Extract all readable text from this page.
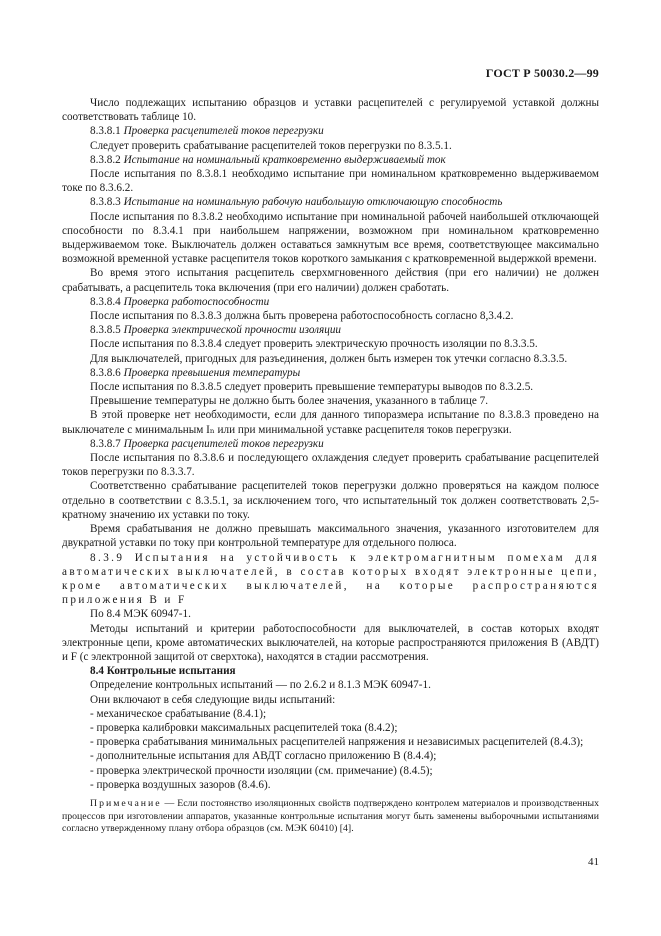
ГОСТ Р 50030.2—99

Число подлежащих испытанию образцов и уставки расцепителей с регулируемой уставкой должны соответствовать таблице 10.

8.3.8.1 Проверка расцепителей токов перегрузки

Следует проверить срабатывание расцепителей токов перегрузки по 8.3.5.1.

8.3.8.2 Испытание на номинальный кратковременно выдерживаемый ток

После испытания по 8.3.8.1 необходимо испытание при номинальном кратковременно выдерживаемом токе по 8.3.6.2.

8.3.8.3 Испытание на номинальную рабочую наибольшую отключающую способность

После испытания по 8.3.8.2 необходимо испытание при номинальной рабочей наибольшей отключающей способности по 8.3.4.1 при наибольшем напряжении, возможном при номинальном кратковременно выдерживаемом токе. Выключатель должен оставаться замкнутым все время, соответствующее максимально возможной временной уставке расцепителя токов короткого замыкания с кратковременной выдержкой времени.

Во время этого испытания расцепитель сверхмгновенного действия (при его наличии) не должен срабатывать, а расцепитель тока включения (при его наличии) должен сработать.

8.3.8.4 Проверка работоспособности

После испытания по 8.3.8.3 должна быть проверена работоспособность согласно 8,3.4.2.

8.3.8.5 Проверка электрической прочности изоляции

После испытания по 8.3.8.4 следует проверить электрическую прочность изоляции по 8.3.3.5.

Для выключателей, пригодных для разъединения, должен быть измерен ток утечки согласно 8.3.3.5.

8.3.8.6 Проверка превышения температуры

После испытания по 8.3.8.5 следует проверить превышение температуры выводов по 8.3.2.5.

Превышение температуры не должно быть более значения, указанного в таблице 7.

В этой проверке нет необходимости, если для данного типоразмера испытание по 8.3.8.3 проведено на выключателе с минимальным Iₙ или при минимальной уставке расцепителя токов перегрузки.

8.3.8.7 Проверка расцепителей токов перегрузки

После испытания по 8.3.8.6 и последующего охлаждения следует проверить срабатывание расцепителей токов перегрузки по 8.3.3.7.

Соответственно срабатывание расцепителей токов перегрузки должно проверяться на каждом полюсе отдельно в соответствии с 8.3.5.1, за исключением того, что испытательный ток должен соответствовать 2,5-кратному значению их уставки по току.

Время срабатывания не должно превышать максимального значения, указанного изготовителем для двукратной уставки по току при контрольной температуре для отдельного полюса.

8.3.9 Испытания на устойчивость к электромагнитным помехам для автоматических выключателей, в состав которых входят электронные цепи, кроме автоматических выключателей, на которые распространяются приложения B и F

По 8.4 МЭК 60947-1.

Методы испытаний и критерии работоспособности для выключателей, в состав которых входят электронные цепи, кроме автоматических выключателей, на которые распространяются приложения B (АВДТ) и F (с электронной защитой от сверхтока), находятся в стадии рассмотрения.

8.4 Контрольные испытания

Определение контрольных испытаний — по 2.6.2 и 8.1.3 МЭК 60947-1.

Они включают в себя следующие виды испытаний:

- механическое срабатывание (8.4.1);

- проверка калибровки максимальных расцепителей тока (8.4.2);

- проверка срабатывания минимальных расцепителей напряжения и независимых расцепителей (8.4.3);

- дополнительные испытания для АВДТ согласно приложению B (8.4.4);

- проверка электрической прочности изоляции (см. примечание) (8.4.5);

- проверка воздушных зазоров (8.4.6).

Примечание — Если постоянство изоляционных свойств подтверждено контролем материалов и производственных процессов при изготовлении аппаратов, указанные контрольные испытания могут быть заменены выборочными испытаниями согласно утвержденному плану отбора образцов (см. МЭК 60410) [4].

41
